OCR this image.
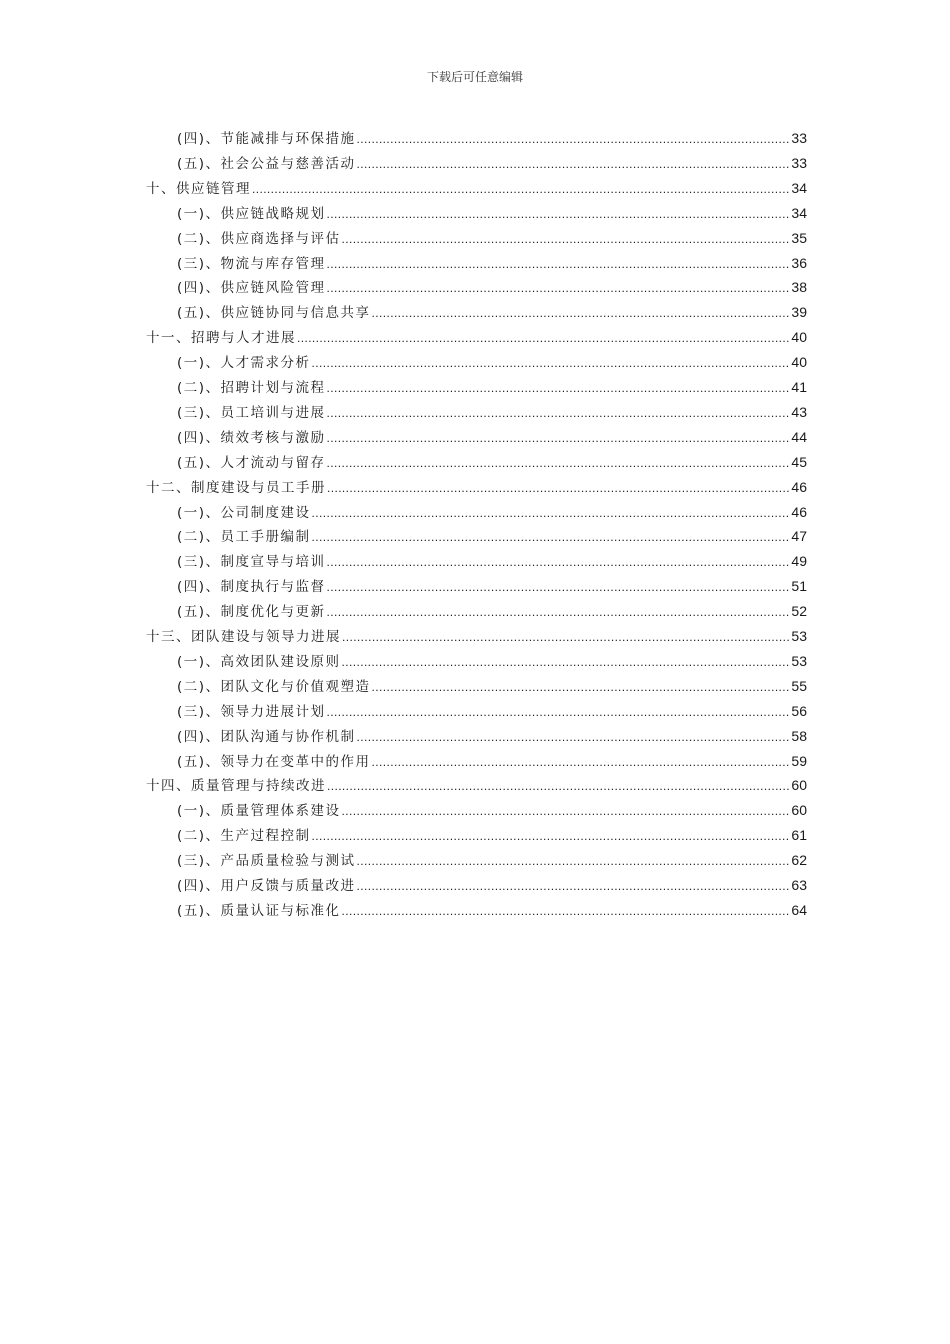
下载后可任意编辑
(四)、节能减排与环保措施 .....	33
(五)、社会公益与慈善活动 .....	33
十、供应链管理 .....	34
(一)、供应链战略规划 .....	34
(二)、供应商选择与评估 .....	35
(三)、物流与库存管理 .....	36
(四)、供应链风险管理 .....	38
(五)、供应链协同与信息共享 .....	39
十一、招聘与人才进展 .....	40
(一)、人才需求分析 .....	40
(二)、招聘计划与流程 .....	41
(三)、员工培训与进展 .....	43
(四)、绩效考核与激励 .....	44
(五)、人才流动与留存 .....	45
十二、制度建设与员工手册 .....	46
(一)、公司制度建设 .....	46
(二)、员工手册编制 .....	47
(三)、制度宣导与培训 .....	49
(四)、制度执行与监督 .....	51
(五)、制度优化与更新 .....	52
十三、团队建设与领导力进展 .....	53
(一)、高效团队建设原则 .....	53
(二)、团队文化与价值观塑造 .....	55
(三)、领导力进展计划 .....	56
(四)、团队沟通与协作机制 .....	58
(五)、领导力在变革中的作用 .....	59
十四、质量管理与持续改进 .....	60
(一)、质量管理体系建设 .....	60
(二)、生产过程控制 .....	61
(三)、产品质量检验与测试 .....	62
(四)、用户反馈与质量改进 .....	63
(五)、质量认证与标准化 .....	64
